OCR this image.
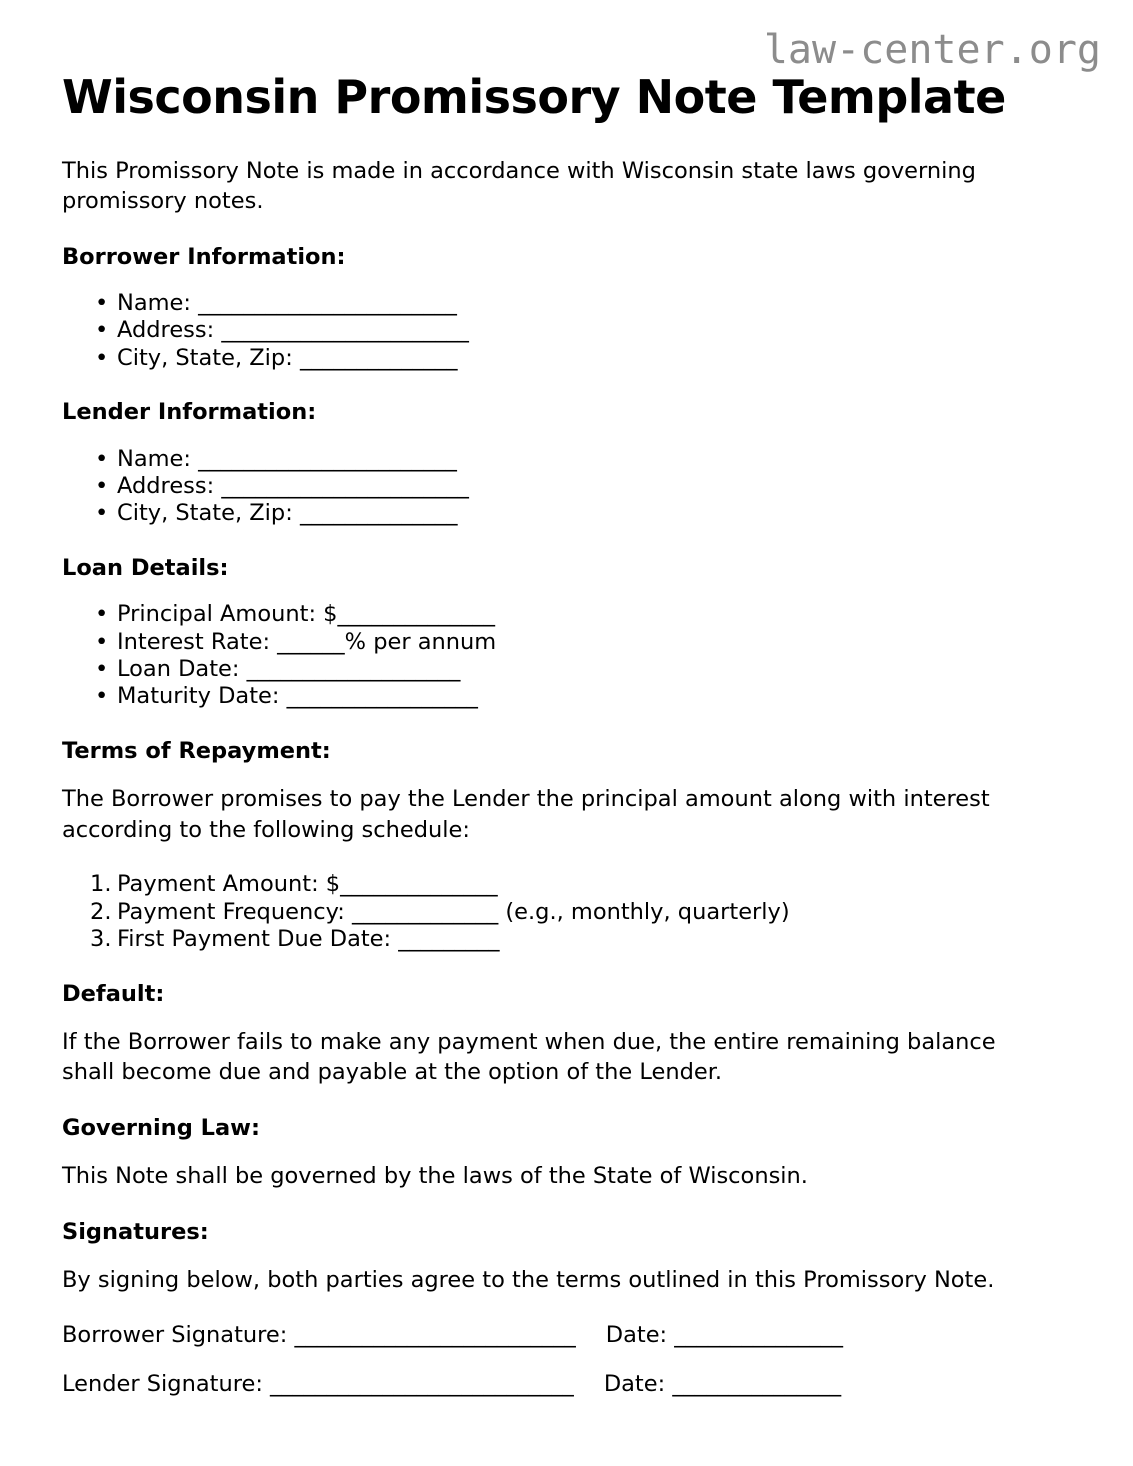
law-center.org
Wisconsin Promissory Note Template

This Promissory Note is made in accordance with Wisconsin state laws governing promissory notes.

Borrower Information:
• Name: _______________________
• Address: ______________________
• City, State, Zip: ______________
Lender Information:
• Name: _______________________
• Address: ______________________
• City, State, Zip: ______________
Loan Details:
• Principal Amount: $______________
• Interest Rate: ______% per annum
• Loan Date: ___________________
• Maturity Date: _________________
Terms of Repayment:

The Borrower promises to pay the Lender the principal amount along with interest according to the following schedule:

Payment Amount: $______________
Payment Frequency: _____________ (e.g., monthly, quarterly)
First Payment Due Date: _________
Default:

If the Borrower fails to make any payment when due, the entire remaining balance shall become due and payable at the option of the Lender.

Governing Law:

This Note shall be governed by the laws of the State of Wisconsin.

Signatures:

By signing below, both parties agree to the terms outlined in this Promissory Note.

Borrower Signature: _________________________ Date: _______________
Lender Signature: ___________________________ Date: _______________
